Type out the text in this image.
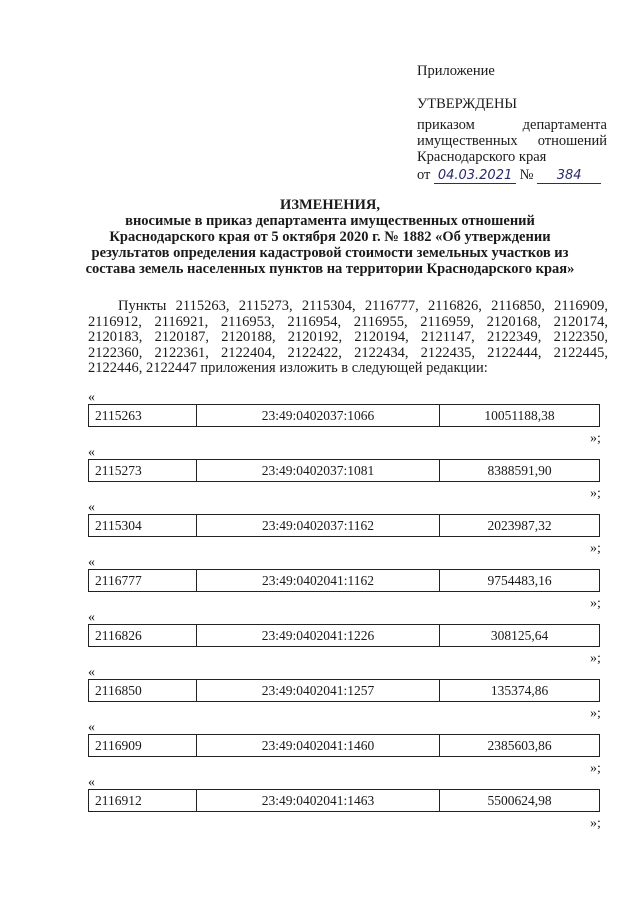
Приложение
УТВЕРЖДЕНЫ
приказом	департамента
имущественных отношений
Краснодарского края
от 04.03.2021 № 384
ИЗМЕНЕНИЯ,
вносимые в приказ департамента имущественных отношений
Краснодарского края от 5 октября 2020 г. № 1882 «Об утверждении
результатов определения кадастровой стоимости земельных участков из
состава земель населенных пунктов на территории Краснодарского края»
Пункты 2115263, 2115273, 2115304, 2116777, 2116826, 2116850, 2116909,
2116912, 2116921, 2116953, 2116954, 2116955, 2116959, 2120168, 2120174,
2120183, 2120187, 2120188, 2120192, 2120194, 2121147, 2122349, 2122350,
2122360, 2122361, 2122404, 2122422, 2122434, 2122435, 2122444, 2122445,
2122446, 2122447 приложения изложить в следующей редакции:
«
2115263	23:49:0402037:1066	10051188,38
»;
«
2115273	23:49:0402037:1081	8388591,90
»;
«
2115304	23:49:0402037:1162	2023987,32
»;
«
2116777	23:49:0402041:1162	9754483,16
»;
«
2116826	23:49:0402041:1226	308125,64
»;
«
2116850	23:49:0402041:1257	135374,86
»;
«
2116909	23:49:0402041:1460	2385603,86
»;
«
2116912	23:49:0402041:1463	5500624,98
»;
